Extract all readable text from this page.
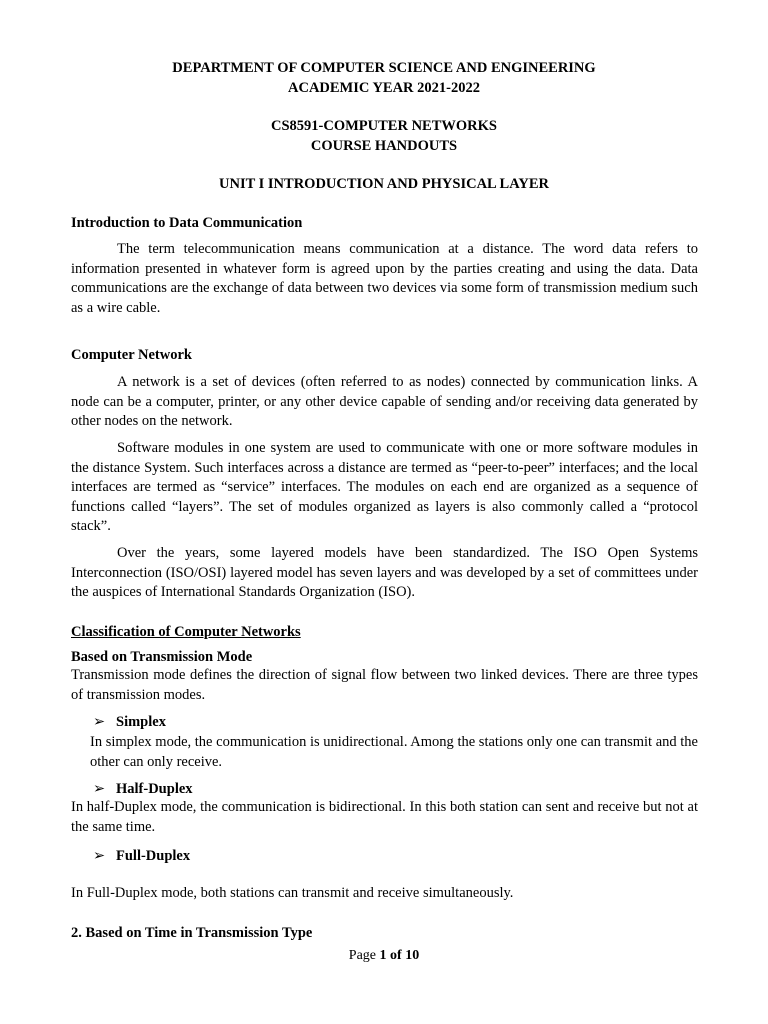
DEPARTMENT OF COMPUTER SCIENCE AND ENGINEERING
ACADEMIC YEAR 2021-2022
CS8591-COMPUTER NETWORKS
COURSE HANDOUTS
UNIT I INTRODUCTION AND PHYSICAL LAYER
Introduction to Data Communication
The term telecommunication means communication at a distance. The word data refers to information presented in whatever form is agreed upon by the parties creating and using the data. Data communications are the exchange of data between two devices via some form of transmission medium such as a wire cable.
Computer Network
A network is a set of devices (often referred to as nodes) connected by communication links. A node can be a computer, printer, or any other device capable of sending and/or receiving data generated by other nodes on the network.
Software modules in one system are used to communicate with one or more software modules in the distance System. Such interfaces across a distance are termed as “peer-to-peer” interfaces; and the local interfaces are termed as “service” interfaces. The modules on each end are organized as a sequence of functions called “layers”. The set of modules organized as layers is also commonly called a “protocol stack”.
Over the years, some layered models have been standardized. The ISO Open Systems Interconnection (ISO/OSI) layered model has seven layers and was developed by a set of committees under the auspices of International Standards Organization (ISO).
Classification of Computer Networks
Based on Transmission Mode
Transmission mode defines the direction of signal flow between two linked devices. There are three types of transmission modes.
➢ Simplex
In simplex mode, the communication is unidirectional. Among the stations only one can transmit and the other can only receive.
➢ Half-Duplex
In half-Duplex mode, the communication is bidirectional. In this both station can sent and receive but not at the same time.
➢ Full-Duplex
In Full-Duplex mode, both stations can transmit and receive simultaneously.
2. Based on Time in Transmission Type
Page 1 of 10
